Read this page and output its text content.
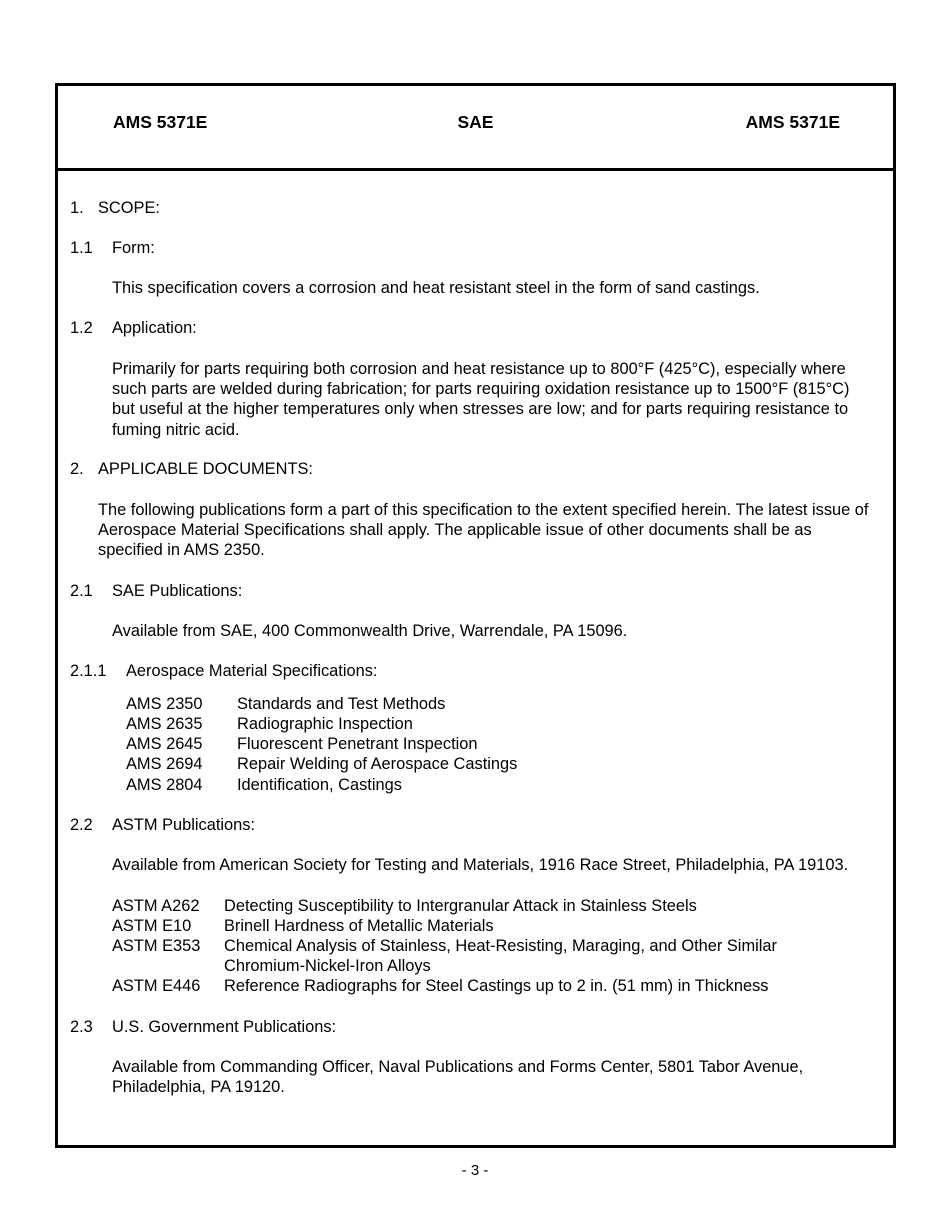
AMS 5371E	SAE	AMS 5371E
1. SCOPE:
1.1 Form:
This specification covers a corrosion and heat resistant steel in the form of sand castings.
1.2 Application:
Primarily for parts requiring both corrosion and heat resistance up to 800°F (425°C), especially where such parts are welded during fabrication; for parts requiring oxidation resistance up to 1500°F (815°C) but useful at the higher temperatures only when stresses are low; and for parts requiring resistance to fuming nitric acid.
2. APPLICABLE DOCUMENTS:
The following publications form a part of this specification to the extent specified herein. The latest issue of Aerospace Material Specifications shall apply. The applicable issue of other documents shall be as specified in AMS 2350.
2.1 SAE Publications:
Available from SAE, 400 Commonwealth Drive, Warrendale, PA 15096.
2.1.1 Aerospace Material Specifications:
AMS 2350 Standards and Test Methods
AMS 2635 Radiographic Inspection
AMS 2645 Fluorescent Penetrant Inspection
AMS 2694 Repair Welding of Aerospace Castings
AMS 2804 Identification, Castings
2.2 ASTM Publications:
Available from American Society for Testing and Materials, 1916 Race Street, Philadelphia, PA 19103.
ASTM A262 Detecting Susceptibility to Intergranular Attack in Stainless Steels
ASTM E10 Brinell Hardness of Metallic Materials
ASTM E353 Chemical Analysis of Stainless, Heat-Resisting, Maraging, and Other Similar Chromium-Nickel-Iron Alloys
ASTM E446 Reference Radiographs for Steel Castings up to 2 in. (51 mm) in Thickness
2.3 U.S. Government Publications:
Available from Commanding Officer, Naval Publications and Forms Center, 5801 Tabor Avenue, Philadelphia, PA 19120.
- 3 -
